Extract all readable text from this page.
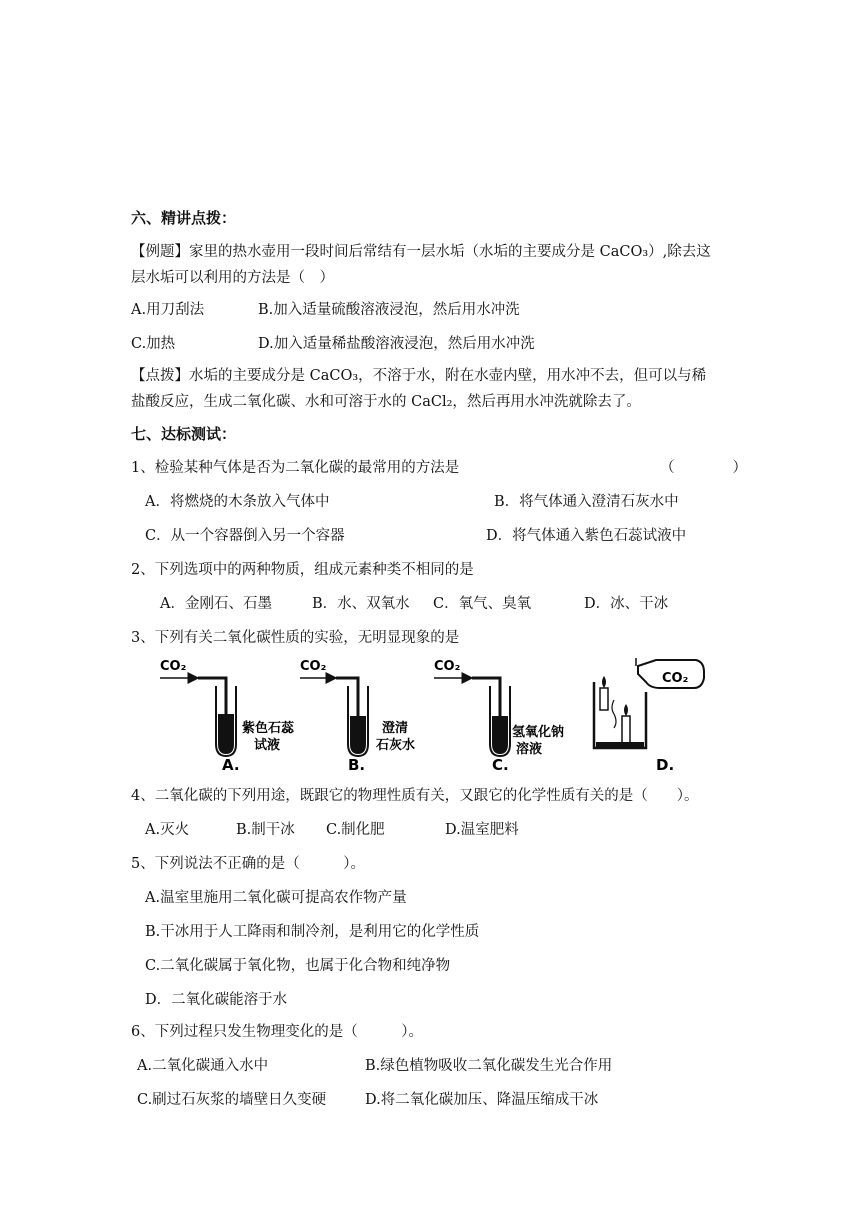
六、精讲点拨：
【例题】家里的热水壶用一段时间后常结有一层水垢（水垢的主要成分是 CaCO₃）,除去这
层水垢可以利用的方法是（　）
A.用刀刮法	B.加入适量硫酸溶液浸泡，然后用水冲洗
C.加热	D.加入适量稀盐酸溶液浸泡，然后用水冲洗
【点拨】水垢的主要成分是 CaCO₃，不溶于水，附在水壶内壁，用水冲不去，但可以与稀
盐酸反应，生成二氧化碳、水和可溶于水的 CaCl₂，然后再用水冲洗就除去了。
七、达标测试：
1、检验某种气体是否为二氧化碳的最常用的方法是	（　　　　）
A．将燃烧的木条放入气体中	B．将气体通入澄清石灰水中
C．从一个容器倒入另一个容器	D．将气体通入紫色石蕊试液中
2、下列选项中的两种物质，组成元素种类不相同的是
A．金刚石、石墨	B．水、双氧水 C．氧气、臭氧	D．冰、干冰
3、下列有关二氧化碳性质的实验，无明显现象的是
CO₂
紫色石蕊
试液
A.
CO₂
澄清
石灰水
B.
CO₂
氢氧化钠
溶液
C.
CO₂
D.
4、二氧化碳的下列用途，既跟它的物理性质有关，又跟它的化学性质有关的是（　　）。
A.灭火	B.制干冰 C.制化肥	D.温室肥料
5、下列说法不正确的是（　　　）。
A.温室里施用二氧化碳可提高农作物产量
B.干冰用于人工降雨和制冷剂，是利用它的化学性质
C.二氧化碳属于氧化物，也属于化合物和纯净物
D．二氧化碳能溶于水
6、下列过程只发生物理变化的是（　　　）。
A.二氧化碳通入水中	B.绿色植物吸收二氧化碳发生光合作用
C.刷过石灰浆的墙壁日久变硬	D.将二氧化碳加压、降温压缩成干冰
